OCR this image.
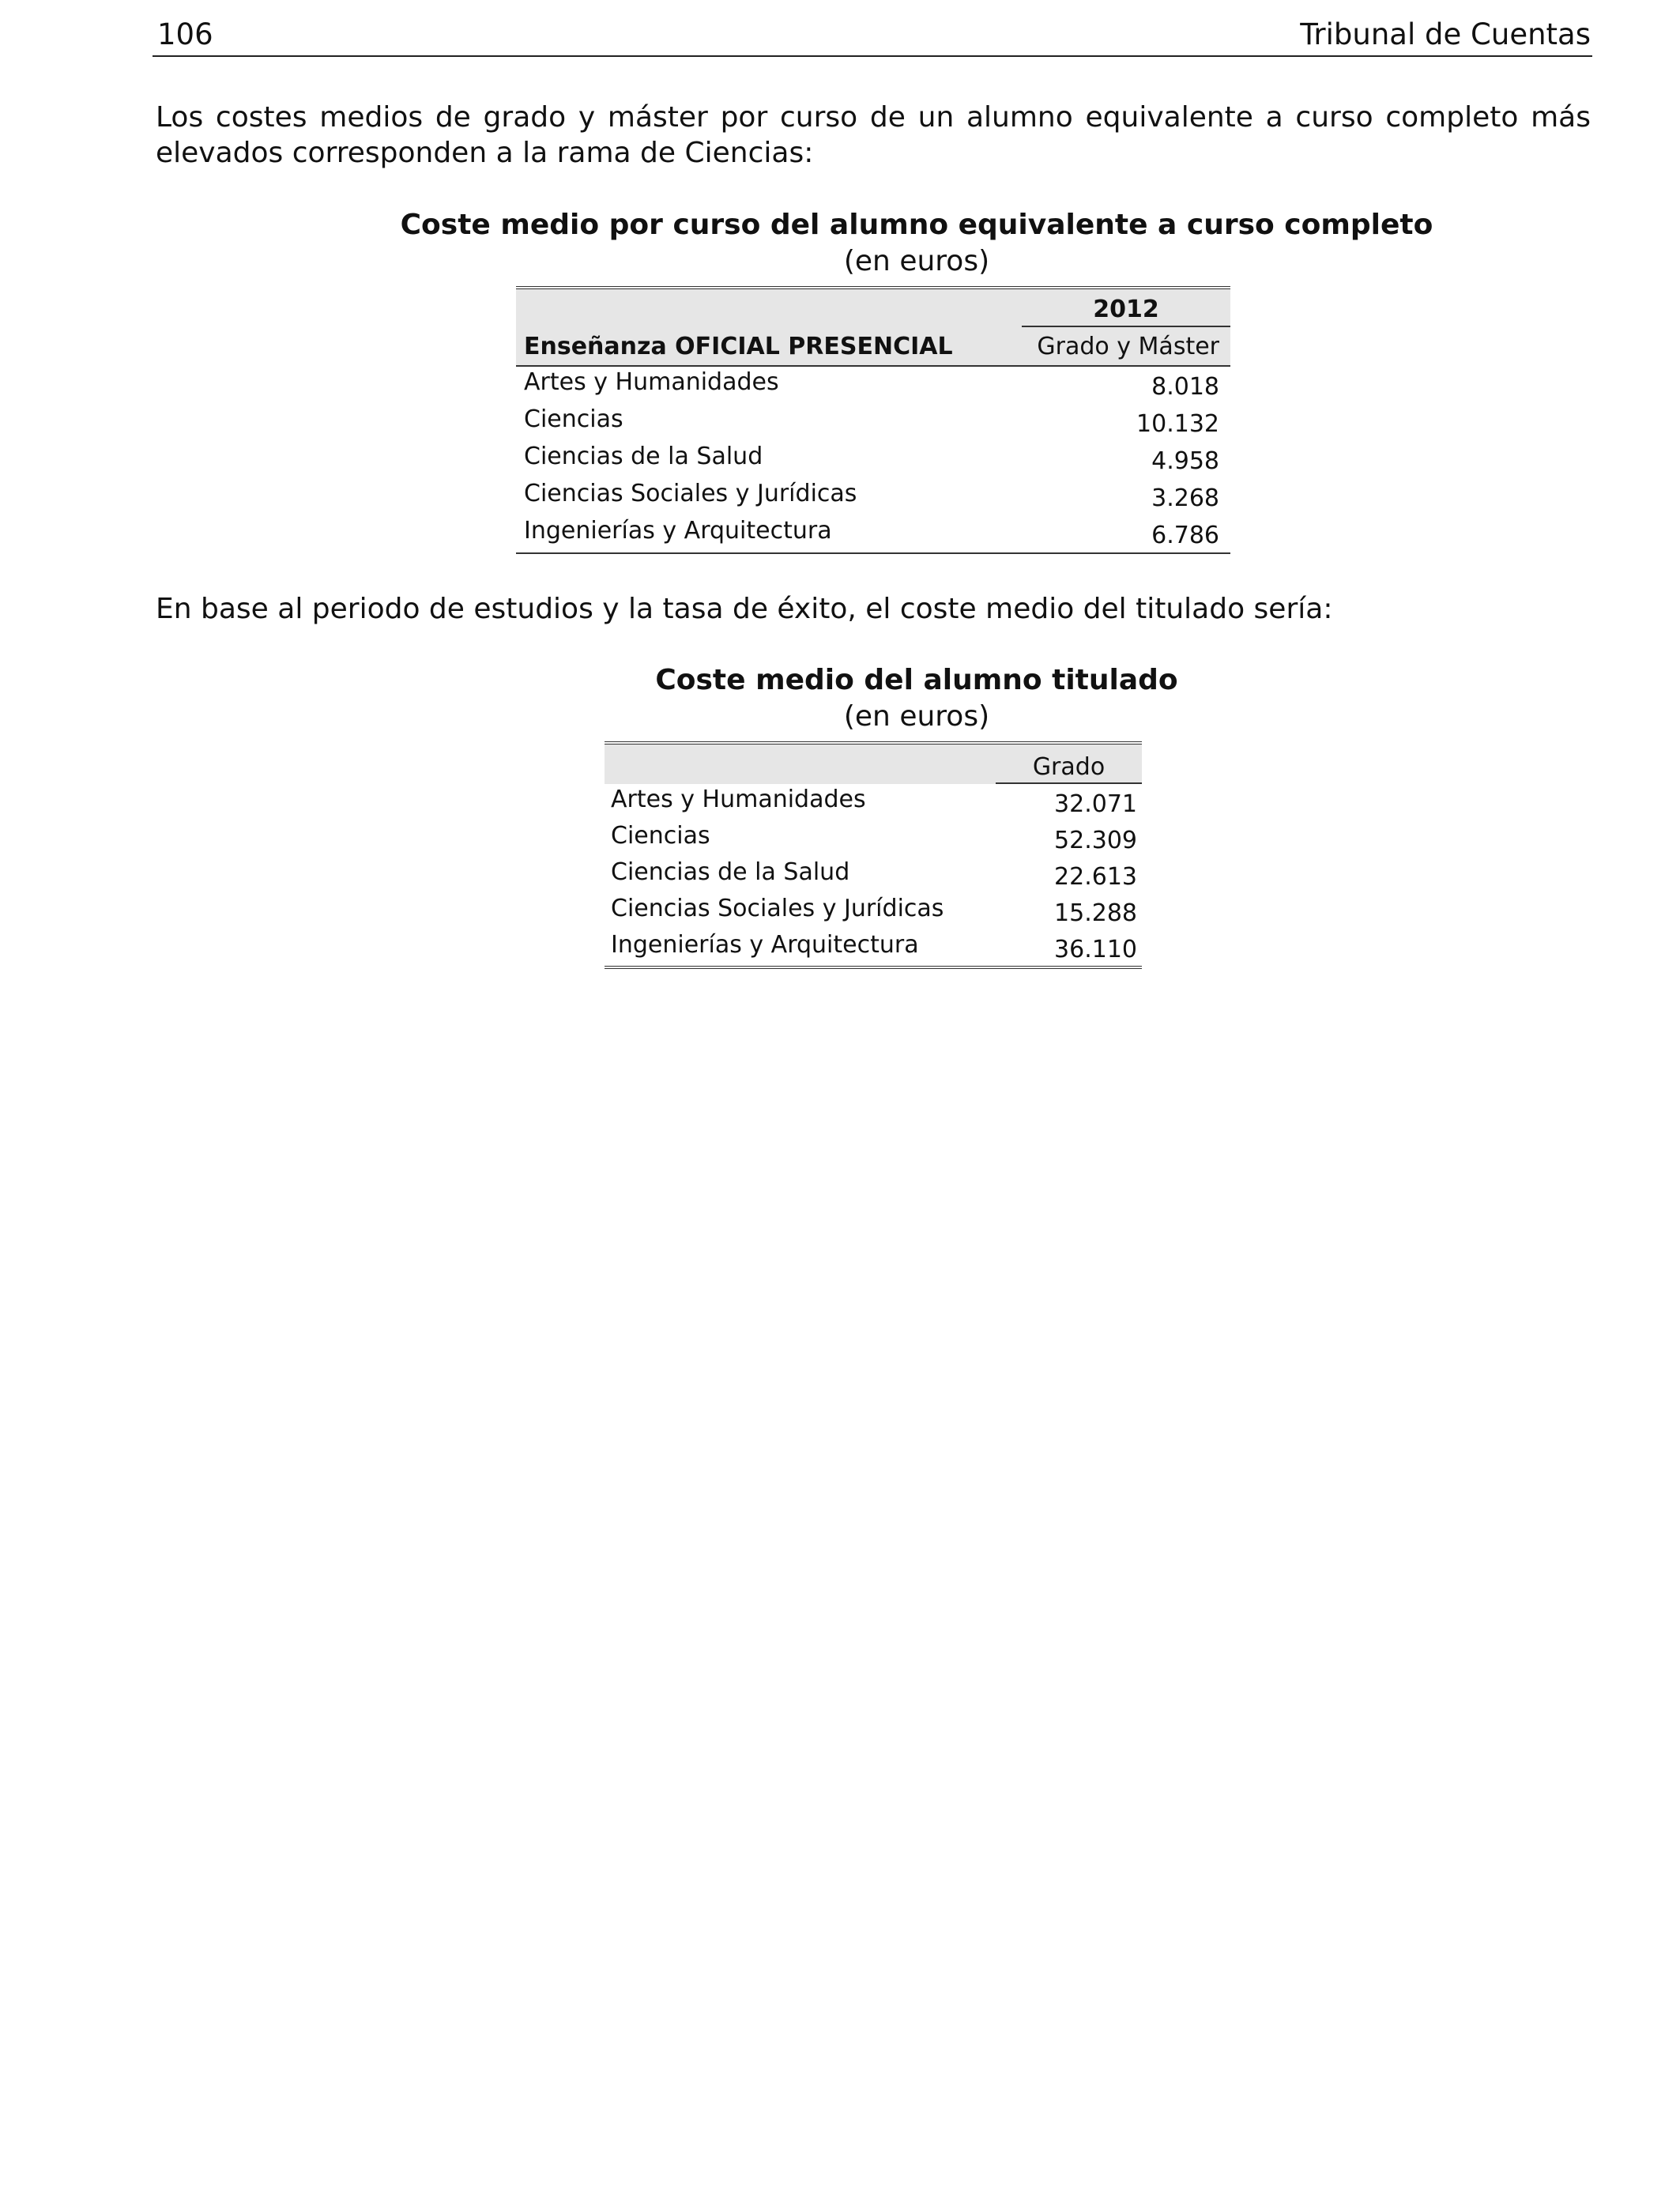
106	Tribunal de Cuentas

Los costes medios de grado y máster por curso de un alumno equivalente a curso completo más elevados corresponden a la rama de Ciencias:

Coste medio por curso del alumno equivalente a curso completo
(en euros)
2012
Enseñanza OFICIAL PRESENCIAL	Grado y Máster
Artes y Humanidades	8.018
Ciencias	10.132
Ciencias de la Salud	4.958
Ciencias Sociales y Jurídicas	3.268
Ingenierías y Arquitectura	6.786

En base al periodo de estudios y la tasa de éxito, el coste medio del titulado sería:

Coste medio del alumno titulado
(en euros)
Grado
Artes y Humanidades	32.071
Ciencias	52.309
Ciencias de la Salud	22.613
Ciencias Sociales y Jurídicas	15.288
Ingenierías y Arquitectura	36.110
